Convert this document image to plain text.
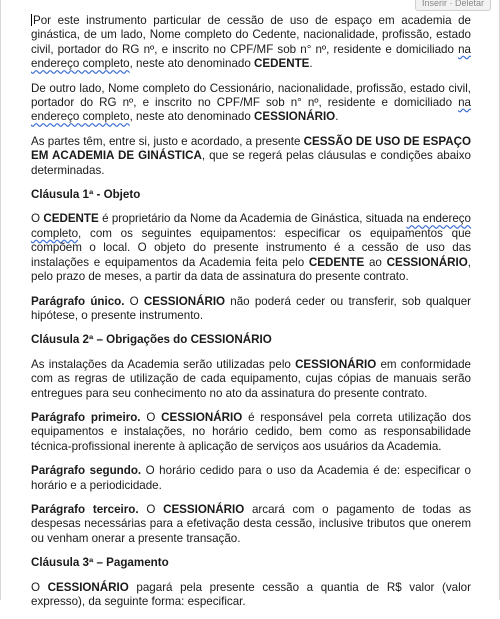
Inserir · Deletar

Por este instrumento particular de cessão de uso de espaço em academia de ginástica, de um lado, Nome completo do Cedente, nacionalidade, profissão, estado civil, portador do RG nº, e inscrito no CPF/MF sob n° nº, residente e domiciliado na endereço completo, neste ato denominado CEDENTE.

De outro lado, Nome completo do Cessionário, nacionalidade, profissão, estado civil, portador do RG nº, e inscrito no CPF/MF sob n° nº, residente e domiciliado na endereço completo, neste ato denominado CESSIONÁRIO.

As partes têm, entre si, justo e acordado, a presente CESSÃO DE USO DE ESPAÇO EM ACADEMIA DE GINÁSTICA, que se regerá pelas cláusulas e condições abaixo determinadas.

Cláusula 1ª - Objeto

O CEDENTE é proprietário da Nome da Academia de Ginástica, situada na endereço completo, com os seguintes equipamentos: especificar os equipamentos que compõem o local. O objeto do presente instrumento é a cessão de uso das instalações e equipamentos da Academia feita pelo CEDENTE ao CESSIONÁRIO, pelo prazo de meses, a partir da data de assinatura do presente contrato.

Parágrafo único. O CESSIONÁRIO não poderá ceder ou transferir, sob qualquer hipótese, o presente instrumento.

Cláusula 2ª – Obrigações do CESSIONÁRIO

As instalações da Academia serão utilizadas pelo CESSIONÁRIO em conformidade com as regras de utilização de cada equipamento, cujas cópias de manuais serão entregues para seu conhecimento no ato da assinatura do presente contrato.

Parágrafo primeiro. O CESSIONÁRIO é responsável pela correta utilização dos equipamentos e instalações, no horário cedido, bem como as responsabilidade técnica-profissional inerente à aplicação de serviços aos usuários da Academia.

Parágrafo segundo. O horário cedido para o uso da Academia é de: especificar o horário e a periodicidade.

Parágrafo terceiro. O CESSIONÁRIO arcará com o pagamento de todas as despesas necessárias para a efetivação desta cessão, inclusive tributos que onerem ou venham onerar a presente transação.

Cláusula 3ª – Pagamento

O CESSIONÁRIO pagará pela presente cessão a quantia de R$ valor (valor expresso), da seguinte forma: especificar.
